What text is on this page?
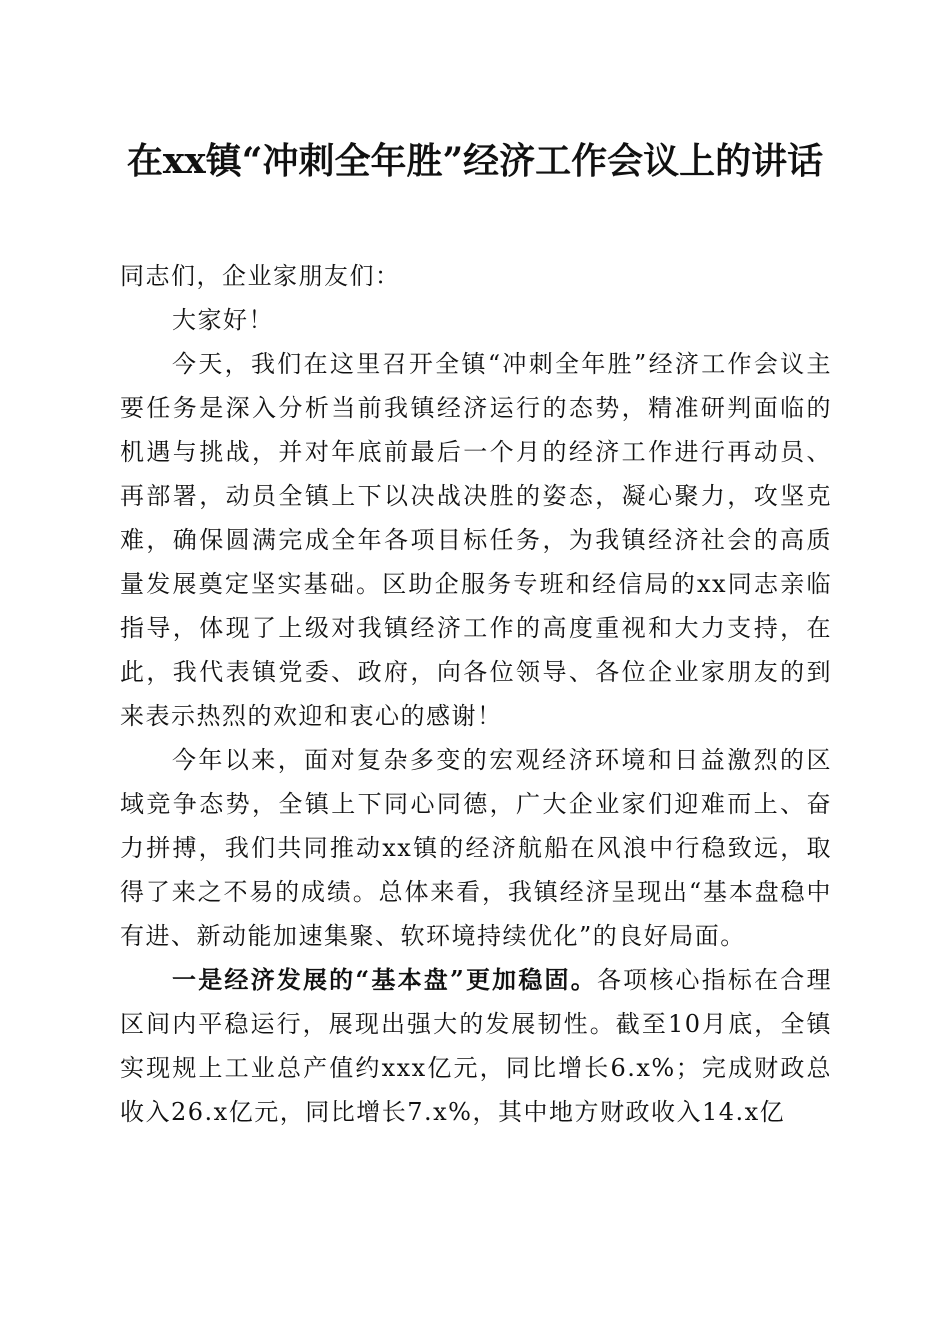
在xx镇“冲刺全年胜”经济工作会议上的讲话

同志们，企业家朋友们：

大家好！

今天，我们在这里召开全镇“冲刺全年胜”经济工作会议主要任务是深入分析当前我镇经济运行的态势，精准研判面临的机遇与挑战，并对年底前最后一个月的经济工作进行再动员、再部署，动员全镇上下以决战决胜的姿态，凝心聚力，攻坚克难，确保圆满完成全年各项目标任务，为我镇经济社会的高质量发展奠定坚实基础。区助企服务专班和经信局的xx同志亲临指导，体现了上级对我镇经济工作的高度重视和大力支持，在此，我代表镇党委、政府，向各位领导、各位企业家朋友的到来表示热烈的欢迎和衷心的感谢！

今年以来，面对复杂多变的宏观经济环境和日益激烈的区域竞争态势，全镇上下同心同德，广大企业家们迎难而上、奋力拼搏，我们共同推动xx镇的经济航船在风浪中行稳致远，取得了来之不易的成绩。总体来看，我镇经济呈现出“基本盘稳中有进、新动能加速集聚、软环境持续优化”的良好局面。

一是经济发展的“基本盘”更加稳固。各项核心指标在合理区间内平稳运行，展现出强大的发展韧性。截至10月底，全镇实现规上工业总产值约xxx亿元，同比增长6.x%；完成财政总收入26.x亿元，同比增长7.x%，其中地方财政收入14.x亿
